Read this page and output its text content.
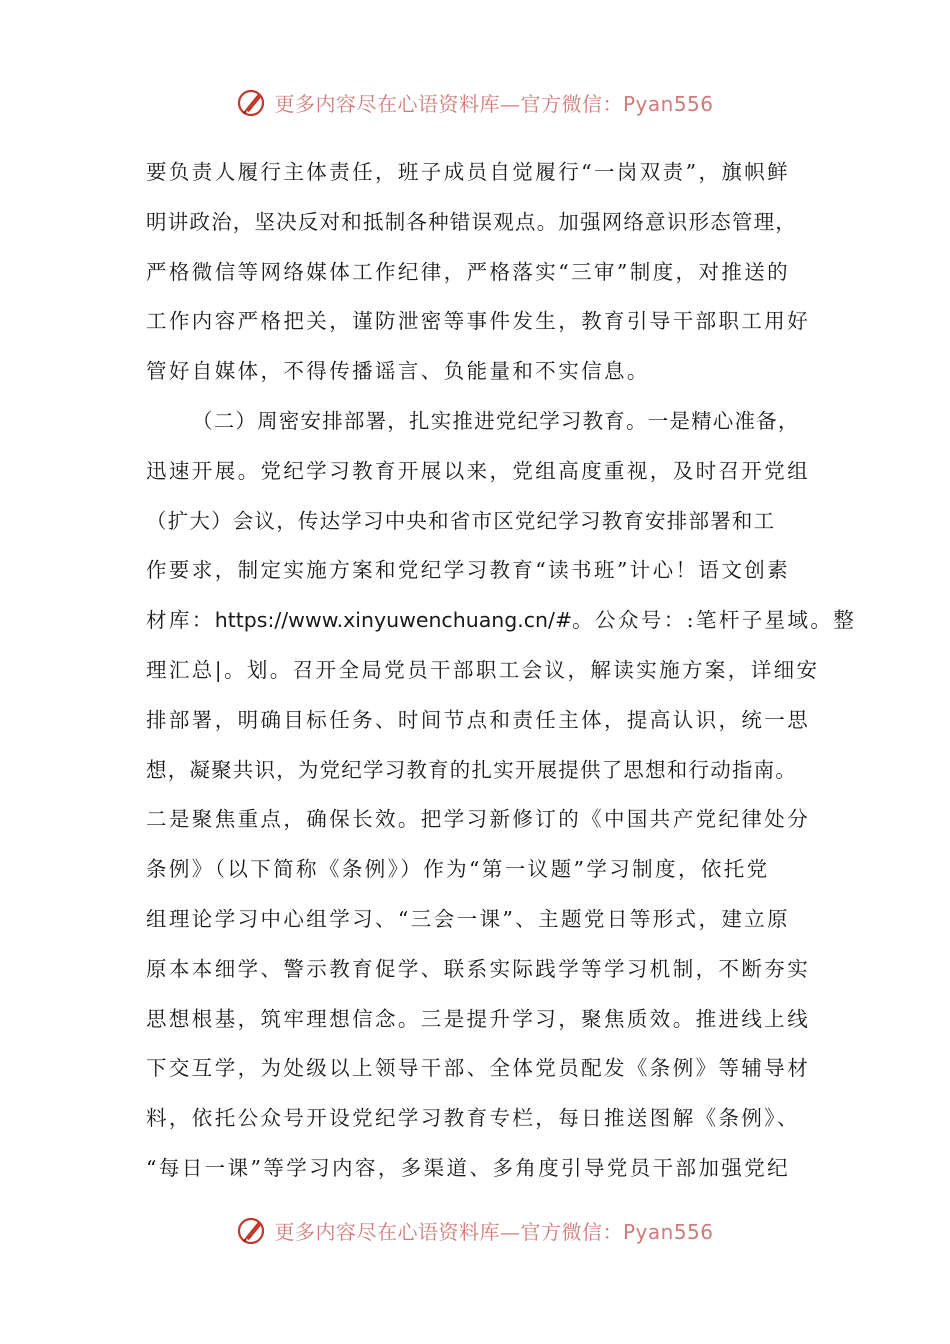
更多内容尽在心语资料库—官方微信：Pyan556
要负责人履行主体责任，班子成员自觉履行“一岗双责”，旗帜鲜
明讲政治，坚决反对和抵制各种错误观点。加强网络意识形态管理，
严格微信等网络媒体工作纪律，严格落实“三审”制度，对推送的
工作内容严格把关，谨防泄密等事件发生，教育引导干部职工用好
管好自媒体，不得传播谣言、负能量和不实信息。
（二）周密安排部署，扎实推进党纪学习教育。一是精心准备，
迅速开展。党纪学习教育开展以来，党组高度重视，及时召开党组
（扩大）会议，传达学习中央和省市区党纪学习教育安排部署和工
作要求，制定实施方案和党纪学习教育“读书班”计心！语文创素
材库：https://www.xinyuwenchuang.cn/#。公众号：:笔杆子星域。整
理汇总|。划。召开全局党员干部职工会议，解读实施方案，详细安
排部署，明确目标任务、时间节点和责任主体，提高认识，统一思
想，凝聚共识，为党纪学习教育的扎实开展提供了思想和行动指南。
二是聚焦重点，确保长效。把学习新修订的《中国共产党纪律处分
条例》（以下简称《条例》）作为“第一议题”学习制度，依托党
组理论学习中心组学习、“三会一课”、主题党日等形式，建立原
原本本细学、警示教育促学、联系实际践学等学习机制，不断夯实
思想根基，筑牢理想信念。三是提升学习，聚焦质效。推进线上线
下交互学，为处级以上领导干部、全体党员配发《条例》等辅导材
料，依托公众号开设党纪学习教育专栏，每日推送图解《条例》、
“每日一课”等学习内容，多渠道、多角度引导党员干部加强党纪
更多内容尽在心语资料库—官方微信：Pyan556
